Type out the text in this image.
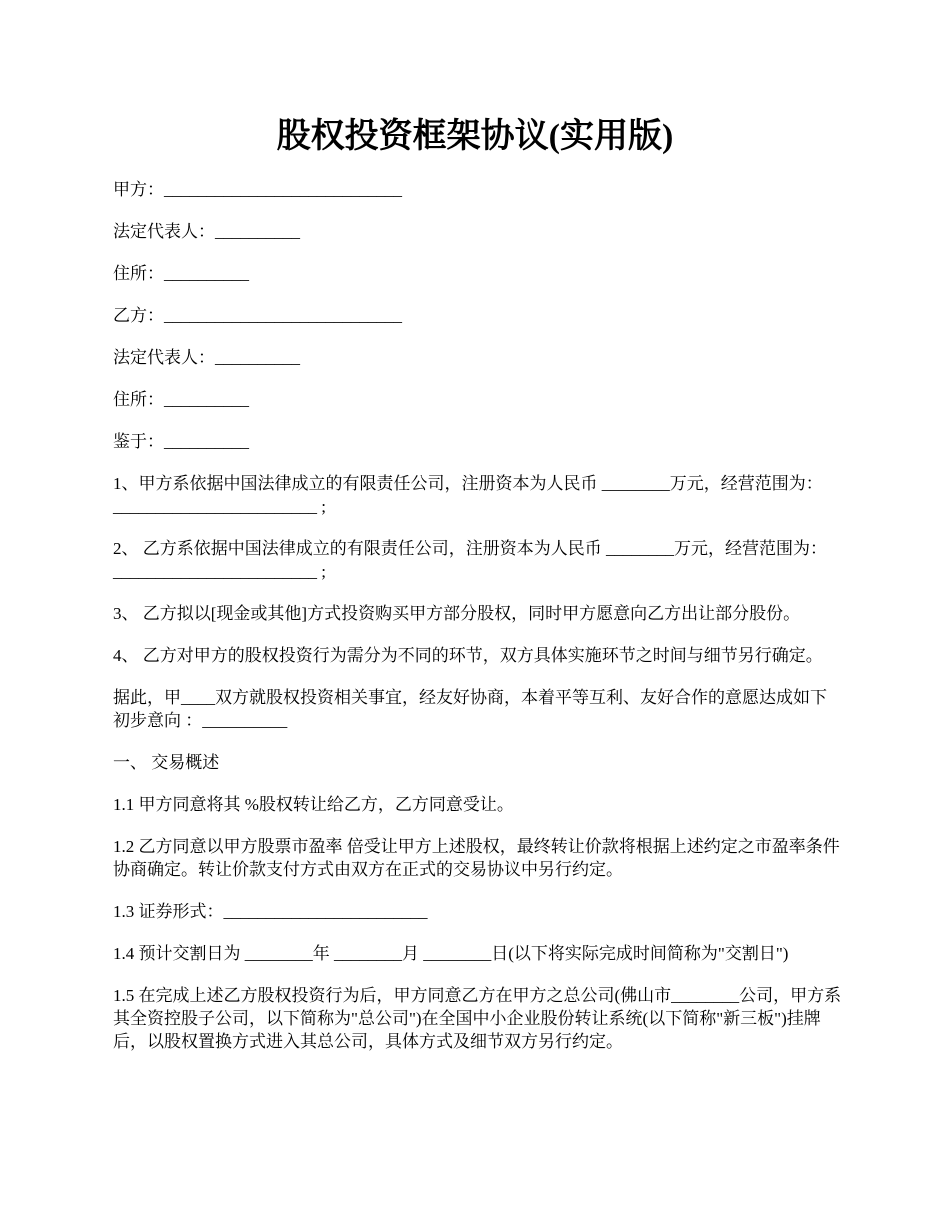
股权投资框架协议(实用版)

甲方：____________________________

法定代表人：__________

住所：__________

乙方：____________________________

法定代表人：__________

住所：__________

鉴于：__________

1、甲方系依据中国法律成立的有限责任公司，注册资本为人民币 ________万元，经营范围为：________________________ ;

2、 乙方系依据中国法律成立的有限责任公司，注册资本为人民币 ________万元，经营范围为：________________________ ;

3、 乙方拟以[现金或其他]方式投资购买甲方部分股权，同时甲方愿意向乙方出让部分股份。

4、 乙方对甲方的股权投资行为需分为不同的环节，双方具体实施环节之时间与细节另行确定。

据此，甲____双方就股权投资相关事宜，经友好协商，本着平等互利、友好合作的意愿达成如下初步意向 ：__________

一、 交易概述

1.1 甲方同意将其 %股权转让给乙方，乙方同意受让。

1.2 乙方同意以甲方股票市盈率 倍受让甲方上述股权，最终转让价款将根据上述约定之市盈率条件协商确定。转让价款支付方式由双方在正式的交易协议中另行约定。

1.3 证券形式：________________________

1.4 预计交割日为 ________年 ________月 ________日(以下将实际完成时间简称为"交割日")

1.5 在完成上述乙方股权投资行为后，甲方同意乙方在甲方之总公司(佛山市________公司，甲方系其全资控股子公司，以下简称为"总公司")在全国中小企业股份转让系统(以下简称"新三板")挂牌后，以股权置换方式进入其总公司，具体方式及细节双方另行约定。
